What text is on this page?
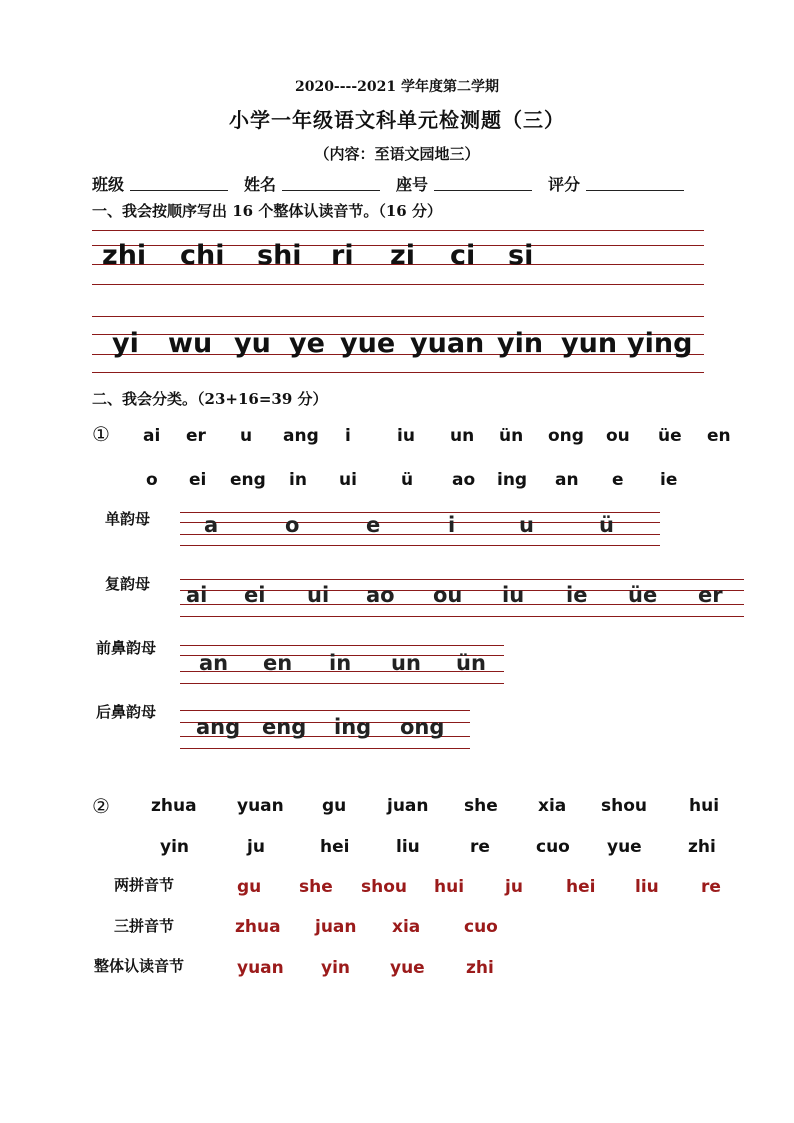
2020----2021 学年度第二学期
小学一年级语文科单元检测题（三）
（内容：至语文园地三）
班级	姓名	座号	评分
一、我会按顺序写出 16 个整体认读音节。（16 分）
zhi chi shi ri zi ci si
yi wu yu ye yue yuan yin yun ying
二、我会分类。（23+16=39 分）
① ai er u ang i	iu un ün ong ou üe en
o ei eng in ui	ü ao ing an e ie
单韵母	a	o	e	i	u	ü
复韵母 ai ei ui ao ou iu ie üe er
前鼻韵母
an en in un ün
后鼻韵母
ang eng ing ong
② zhua yuan gu juan she xia shou hui
yin	ju	hei	liu	re	cuo yue	zhi
两拼音节	gu she shou hui ju	hei liu re
三拼音节	zhua juan xia	cuo
整体认读音节	yuan yin yue zhi
